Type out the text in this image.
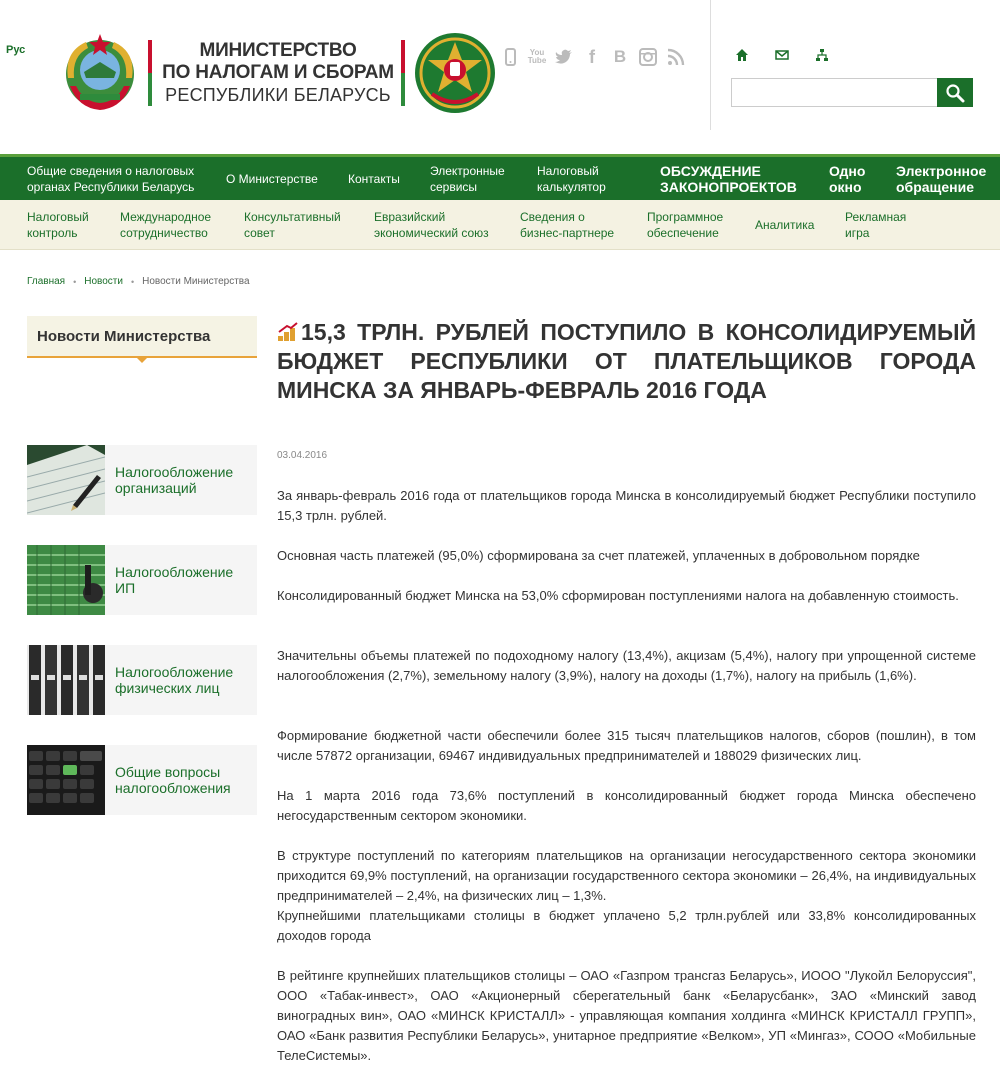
Рус	МИНИСТЕРСТВО
ПО НАЛОГАМ И СБОРАМ
РЕСПУБЛИКИ БЕЛАРУСЬ
You Tube	f	B
Общие сведения о налоговых органах Республики Беларусь
О Министерстве	Контакты
Электронные сервисы
Налоговый калькулятор
ОБСУЖДЕНИЕ ЗАКОНОПРОЕКТОВ
Одно окно
Электронное обращение
Налоговый контроль
Международное сотрудничество
Консультативный совет
Евразийский экономический союз
Сведения о бизнес-партнере
Программное обеспечение
Аналитика
Рекламная игра
Главная • Новости • Новости Министерства
Новости Министерства
Налогообложение организаций
Налогообложение ИП
Налогообложение физических лиц
Общие вопросы налогообложения
15,3 ТРЛН. РУБЛЕЙ ПОСТУПИЛО В КОНСОЛИДИРУЕМЫЙ БЮДЖЕТ РЕСПУБЛИКИ ОТ ПЛАТЕЛЬЩИКОВ ГОРОДА МИНСКА ЗА ЯНВАРЬ-ФЕВРАЛЬ 2016 ГОДА
03.04.2016

За январь-февраль 2016 года от плательщиков города Минска в консолидируемый бюджет Республики поступило 15,3 трлн. рублей.

Основная часть платежей (95,0%) сформирована за счет платежей, уплаченных в добровольном порядке

Консолидированный бюджет Минска на 53,0% сформирован поступлениями налога на добавленную стоимость.

Значительны объемы платежей по подоходному налогу (13,4%), акцизам (5,4%), налогу при упрощенной системе налогообложения (2,7%), земельному налогу (3,9%), налогу на доходы (1,7%), налогу на прибыль (1,6%).

Формирование бюджетной части обеспечили более 315 тысяч плательщиков налогов, сборов (пошлин), в том числе 57872 организации, 69467 индивидуальных предпринимателей и 188029 физических лиц.

На 1 марта 2016 года 73,6% поступлений в консолидированный бюджет города Минска обеспечено негосударственным сектором экономики.

В структуре поступлений по категориям плательщиков на организации негосударственного сектора экономики приходится 69,9% поступлений, на организации государственного сектора экономики – 26,4%, на индивидуальных предпринимателей – 2,4%, на физических лиц – 1,3%.

Крупнейшими плательщиками столицы в бюджет уплачено 5,2 трлн.рублей или 33,8% консолидированных доходов города

В рейтинге крупнейших плательщиков столицы – ОАО «Газпром трансгаз Беларусь», ИООО "Лукойл Белоруссия", ООО «Табак-инвест», ОАО «Акционерный сберегательный банк «Беларусбанк», ЗАО «Минский завод виноградных вин», ОАО «МИНСК КРИСТАЛЛ» - управляющая компания холдинга «МИНСК КРИСТАЛЛ ГРУПП», ОАО «Банк развития Республики Беларусь», унитарное предприятие «Велком», УП «Мингаз», СООО «Мобильные ТелеСистемы».
